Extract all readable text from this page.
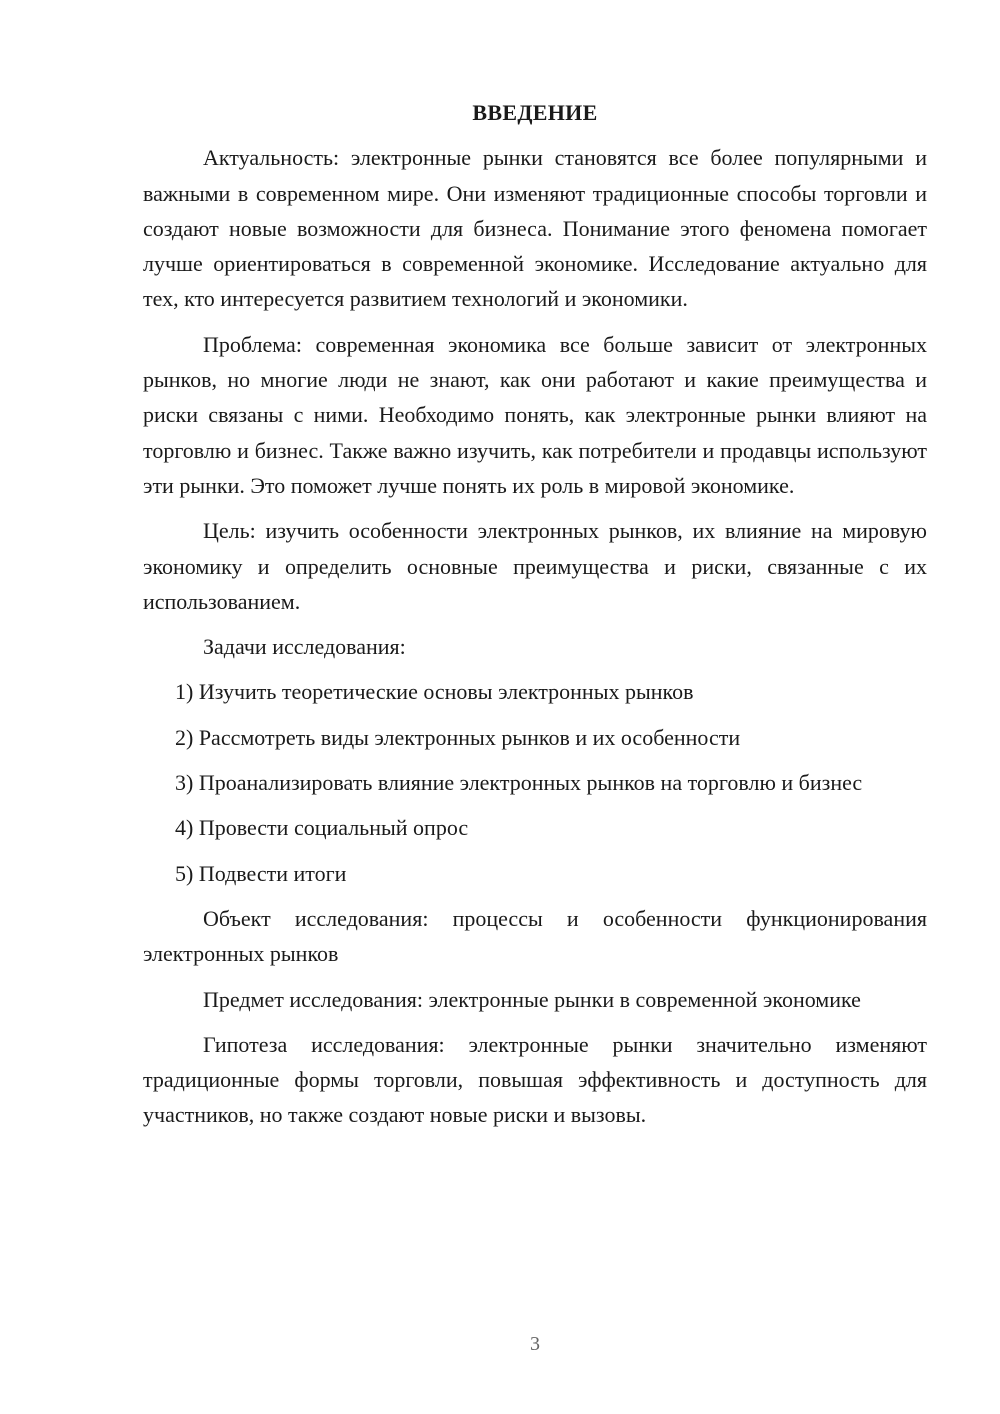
ВВЕДЕНИЕ

Актуальность: электронные рынки становятся все более популярными и важными в современном мире. Они изменяют традиционные способы торговли и создают новые возможности для бизнеса. Понимание этого феномена помогает лучше ориентироваться в современной экономике. Исследование актуально для тех, кто интересуется развитием технологий и экономики.

Проблема: современная экономика все больше зависит от электронных рынков, но многие люди не знают, как они работают и какие преимущества и риски связаны с ними. Необходимо понять, как электронные рынки влияют на торговлю и бизнес. Также важно изучить, как потребители и продавцы используют эти рынки. Это поможет лучше понять их роль в мировой экономике.

Цель: изучить особенности электронных рынков, их влияние на мировую экономику и определить основные преимущества и риски, связанные с их использованием.

Задачи исследования:

1) Изучить теоретические основы электронных рынков

2) Рассмотреть виды электронных рынков и их особенности

3) Проанализировать влияние электронных рынков на торговлю и бизнес

4) Провести социальный опрос

5) Подвести итоги

Объект исследования: процессы и особенности функционирования электронных рынков

Предмет исследования: электронные рынки в современной экономике

Гипотеза исследования: электронные рынки значительно изменяют традиционные формы торговли, повышая эффективность и доступность для участников, но также создают новые риски и вызовы.

3
